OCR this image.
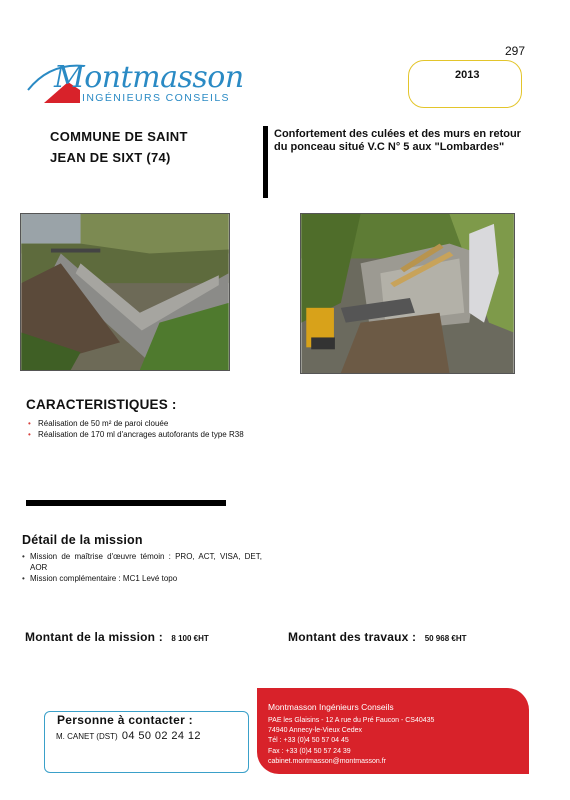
297
2013
Montmasson
INGÉNIEURS CONSEILS
COMMUNE DE SAINT
JEAN DE SIXT (74)
Confortement des culées et des murs en retour du ponceau situé V.C N° 5 aux "Lombardes"
CARACTERISTIQUES :
• Réalisation de 50 m² de paroi clouée
• Réalisation de 170 ml d'ancrages autoforants de type R38
Détail de la mission
• Mission de maîtrise d'œuvre témoin : PRO, ACT, VISA, DET, AOR
• Mission complémentaire : MC1 Levé topo
Montant de la mission : 8 100 €HT	Montant des travaux : 50 968 €HT
Montmasson Ingénieurs Conseils
PAE les Glaisins - 12 A rue du Pré Faucon - CS40435
74940 Annecy-le-Vieux Cedex
Tél : +33 (0)4 50 57 04 45
Fax : +33 (0)4 50 57 24 39
cabinet.montmasson@montmasson.fr
Personne à contacter :
M. CANET (DST) 04 50 02 24 12
